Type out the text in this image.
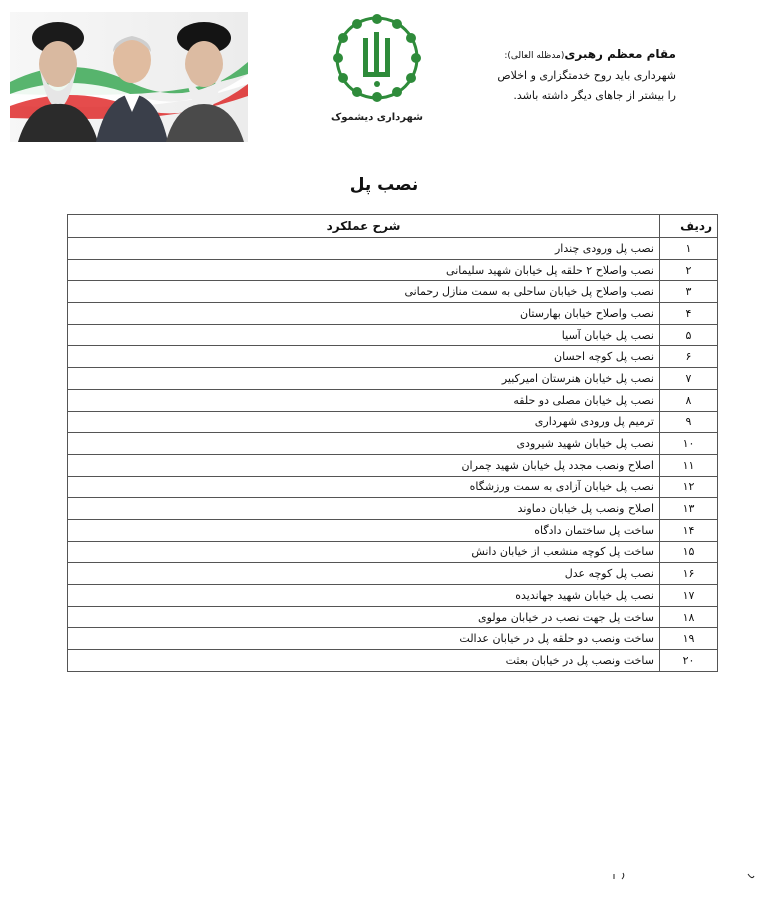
شهرداری دیشموک
مقام معظم رهبری(مدظله العالی):
شهرداری باید روح خدمتگزاری و اخلاص
را بیشتر از جاهای دیگر داشته باشد.
نصب پل
ردیف	شرح عملکرد
۱	نصب پل ورودی چندار
۲	نصب واصلاح ۲ حلقه پل خیابان شهید سلیمانی
۳	نصب واصلاح پل خیابان ساحلی به سمت منازل رحمانی
۴	نصب واصلاح خیابان بهارستان
۵	نصب پل خیابان آسیا
۶	نصب پل کوچه احسان
۷	نصب پل خیابان هنرستان امیرکبیر
۸	نصب پل خیابان مصلی دو حلقه
۹	ترمیم پل ورودی شهرداری
۱۰	نصب پل خیابان شهید شیرودی
۱۱	اصلاح ونصب مجدد پل خیابان شهید چمران
۱۲	نصب پل خیابان آزادی به سمت ورزشگاه
۱۳	اصلاح ونصب پل خیابان دماوند
۱۴	ساخت پل ساختمان دادگاه
۱۵	ساخت پل کوچه منشعب از خیابان دانش
۱۶	نصب پل کوچه عدل
۱۷	نصب پل خیابان شهید جهاندیده
۱۸	ساخت پل جهت نصب در خیابان مولوی
۱۹	ساخت ونصب دو حلقه پل در خیابان عدالت
۲۰	ساخت ونصب پل در خیابان بعثت
